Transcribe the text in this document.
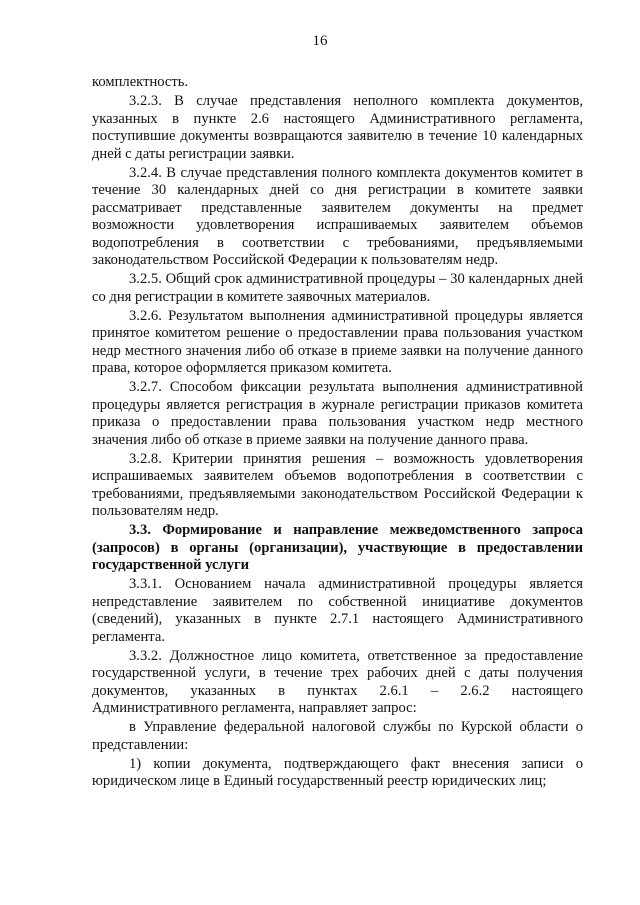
16

комплектность.

3.2.3. В случае представления неполного комплекта документов, указанных в пункте 2.6 настоящего Административного регламента, поступившие документы возвращаются заявителю в течение 10 календарных дней с даты регистрации заявки.

3.2.4. В случае представления полного комплекта документов комитет в течение 30 календарных дней со дня регистрации в комитете заявки рассматривает представленные заявителем документы на предмет возможности удовлетворения испрашиваемых заявителем объемов водопотребления в соответствии с требованиями, предъявляемыми законодательством Российской Федерации к пользователям недр.

3.2.5. Общий срок административной процедуры – 30 календарных дней со дня регистрации в комитете заявочных материалов.

3.2.6. Результатом выполнения административной процедуры является принятое комитетом решение о предоставлении права пользования участком недр местного значения либо об отказе в приеме заявки на получение данного права, которое оформляется приказом комитета.

3.2.7. Способом фиксации результата выполнения административной процедуры является регистрация в журнале регистрации приказов комитета приказа о предоставлении права пользования участком недр местного значения либо об отказе в приеме заявки на получение данного права.

3.2.8. Критерии принятия решения – возможность удовлетворения испрашиваемых заявителем объемов водопотребления в соответствии с требованиями, предъявляемыми законодательством Российской Федерации к пользователям недр.

3.3. Формирование и направление межведомственного запроса (запросов) в органы (организации), участвующие в предоставлении государственной услуги

3.3.1. Основанием начала административной процедуры является непредставление заявителем по собственной инициативе документов (сведений), указанных в пункте 2.7.1 настоящего Административного регламента.

3.3.2. Должностное лицо комитета, ответственное за предоставление государственной услуги, в течение трех рабочих дней с даты получения документов, указанных в пунктах 2.6.1 – 2.6.2 настоящего Административного регламента, направляет запрос:

в Управление федеральной налоговой службы по Курской области о представлении:

1) копии документа, подтверждающего факт внесения записи о юридическом лице в Единый государственный реестр юридических лиц;
